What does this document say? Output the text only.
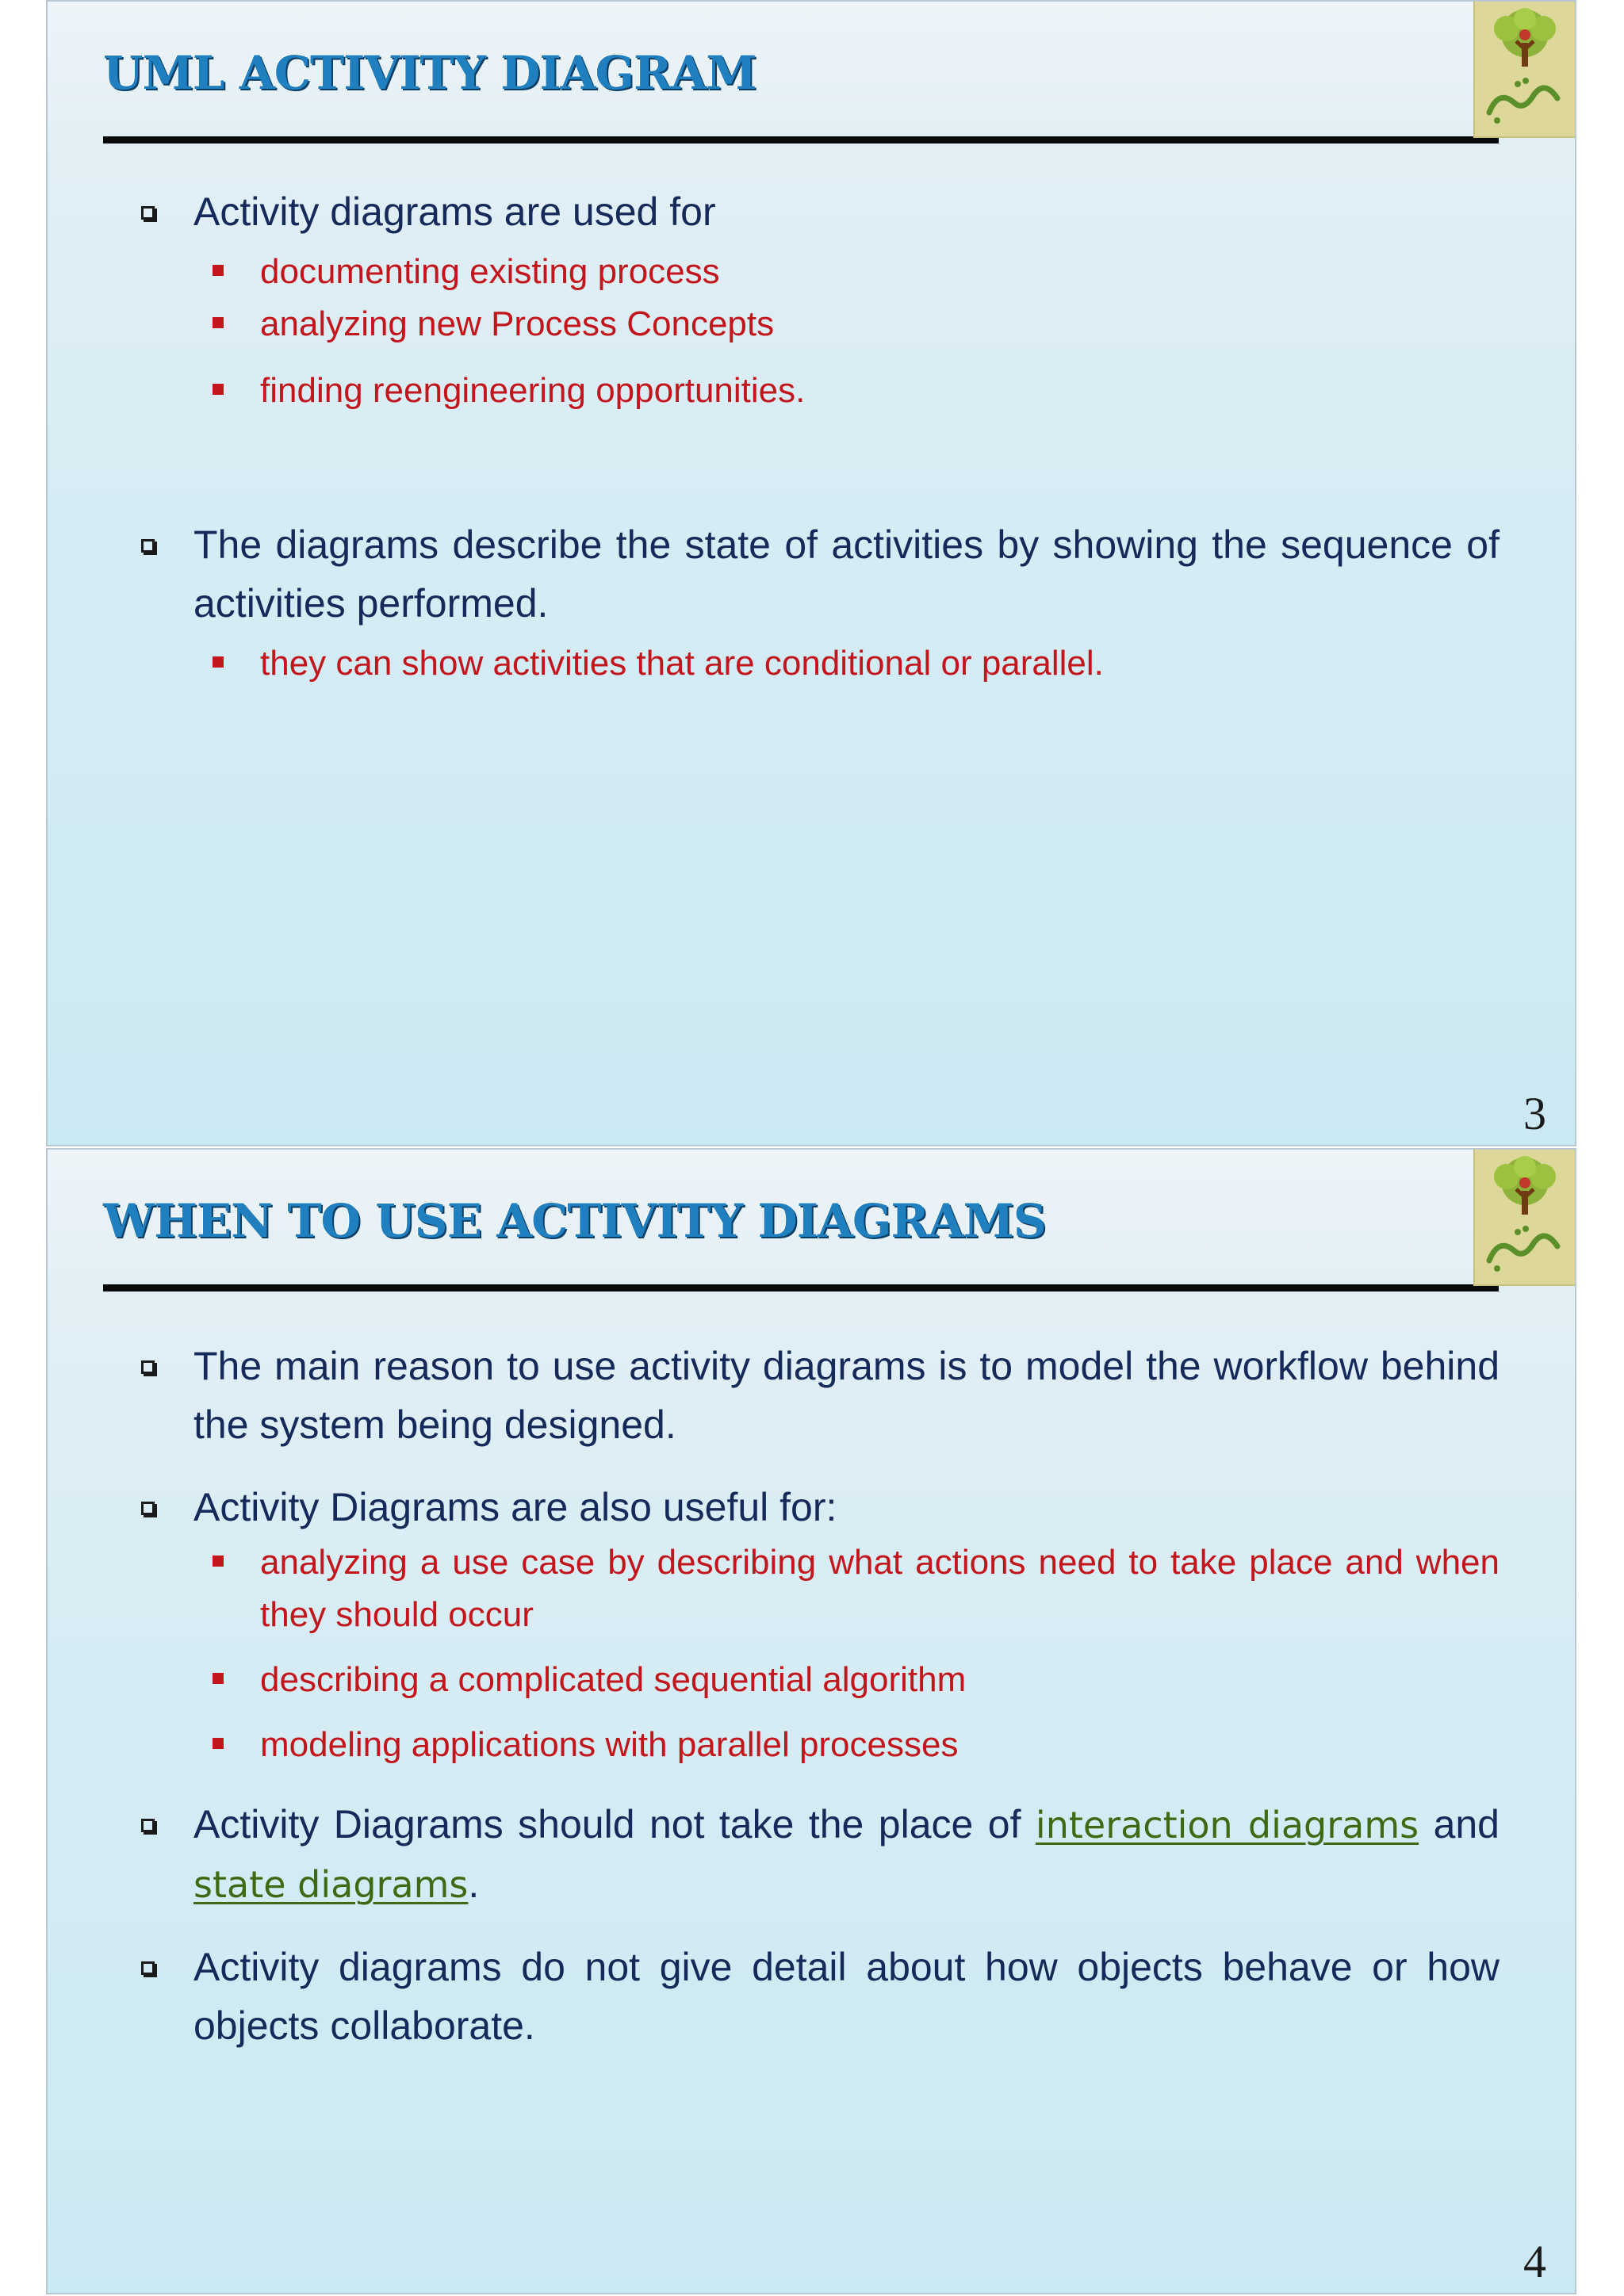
UML ACTIVITY DIAGRAM
Activity diagrams are used for
documenting existing process
analyzing new Process Concepts
finding reengineering opportunities.
The diagrams describe the state of activities by showing the sequence of activities performed.
they can show activities that are conditional or parallel.
3
WHEN TO USE ACTIVITY DIAGRAMS
The main reason to use activity diagrams is to model the workflow behind the system being designed.
Activity Diagrams are also useful for:
analyzing a use case by describing what actions need to take place and when they should occur
describing a complicated sequential algorithm
modeling applications with parallel processes
Activity Diagrams should not take the place of interaction diagrams and state diagrams.
Activity diagrams do not give detail about how objects behave or how objects collaborate.
4
